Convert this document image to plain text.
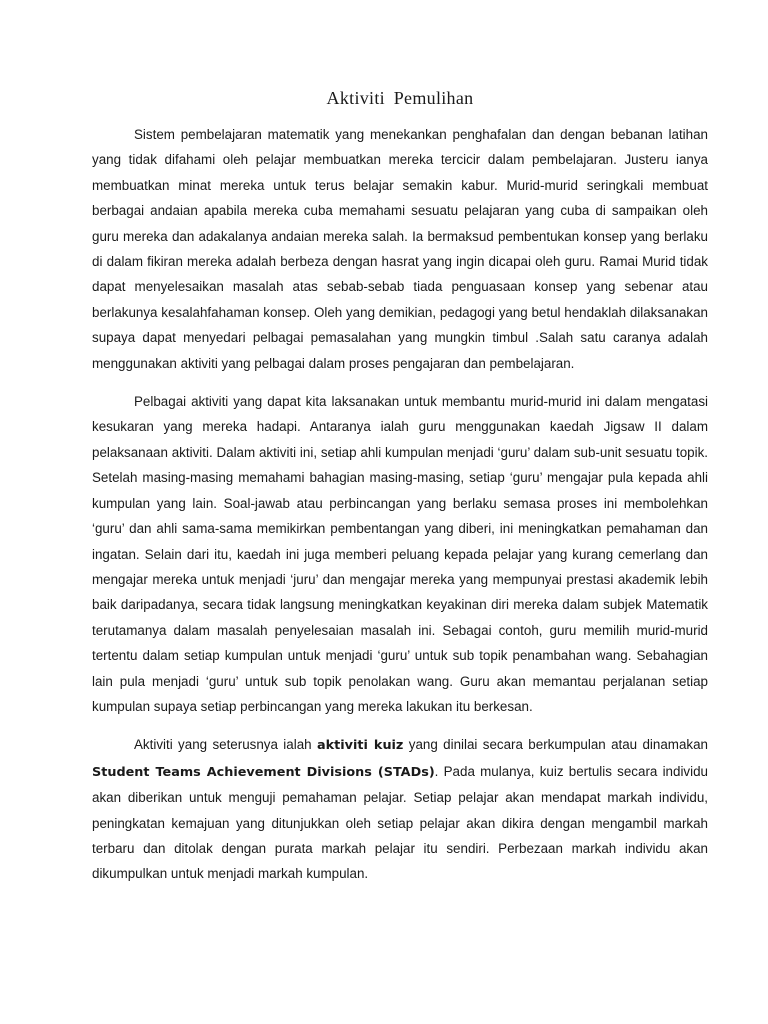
Aktiviti Pemulihan

Sistem pembelajaran matematik yang menekankan penghafalan dan dengan bebanan latihan yang tidak difahami oleh pelajar membuatkan mereka tercicir dalam pembelajaran. Justeru ianya membuatkan minat mereka untuk terus belajar semakin kabur. Murid-murid seringkali membuat berbagai andaian apabila mereka cuba memahami sesuatu pelajaran yang cuba di sampaikan oleh guru mereka dan adakalanya andaian mereka salah. Ia bermaksud pembentukan konsep yang berlaku di dalam fikiran mereka adalah berbeza dengan hasrat yang ingin dicapai oleh guru. Ramai Murid tidak dapat menyelesaikan masalah atas sebab-sebab tiada penguasaan konsep yang sebenar atau berlakunya kesalahfahaman konsep. Oleh yang demikian, pedagogi yang betul hendaklah dilaksanakan supaya dapat menyedari pelbagai pemasalahan yang mungkin timbul .Salah satu caranya adalah menggunakan aktiviti yang pelbagai dalam proses pengajaran dan pembelajaran.

Pelbagai aktiviti yang dapat kita laksanakan untuk membantu murid-murid ini dalam mengatasi kesukaran yang mereka hadapi. Antaranya ialah guru menggunakan kaedah Jigsaw II dalam pelaksanaan aktiviti. Dalam aktiviti ini, setiap ahli kumpulan menjadi ‘guru’ dalam sub-unit sesuatu topik. Setelah masing-masing memahami bahagian masing-masing, setiap ‘guru’ mengajar pula kepada ahli kumpulan yang lain. Soal-jawab atau perbincangan yang berlaku semasa proses ini membolehkan ‘guru’ dan ahli sama-sama memikirkan pembentangan yang diberi, ini meningkatkan pemahaman dan ingatan. Selain dari itu, kaedah ini juga memberi peluang kepada pelajar yang kurang cemerlang dan mengajar mereka untuk menjadi ‘juru’ dan mengajar mereka yang mempunyai prestasi akademik lebih baik daripadanya, secara tidak langsung meningkatkan keyakinan diri mereka dalam subjek Matematik terutamanya dalam masalah penyelesaian masalah ini. Sebagai contoh, guru memilih murid-murid tertentu dalam setiap kumpulan untuk menjadi ‘guru’ untuk sub topik penambahan wang. Sebahagian lain pula menjadi ‘guru’ untuk sub topik penolakan wang. Guru akan memantau perjalanan setiap kumpulan supaya setiap perbincangan yang mereka lakukan itu berkesan.

Aktiviti yang seterusnya ialah aktiviti kuiz yang dinilai secara berkumpulan atau dinamakan Student Teams Achievement Divisions (STADs). Pada mulanya, kuiz bertulis secara individu akan diberikan untuk menguji pemahaman pelajar. Setiap pelajar akan mendapat markah individu, peningkatan kemajuan yang ditunjukkan oleh setiap pelajar akan dikira dengan mengambil markah terbaru dan ditolak dengan purata markah pelajar itu sendiri. Perbezaan markah individu akan dikumpulkan untuk menjadi markah kumpulan.
